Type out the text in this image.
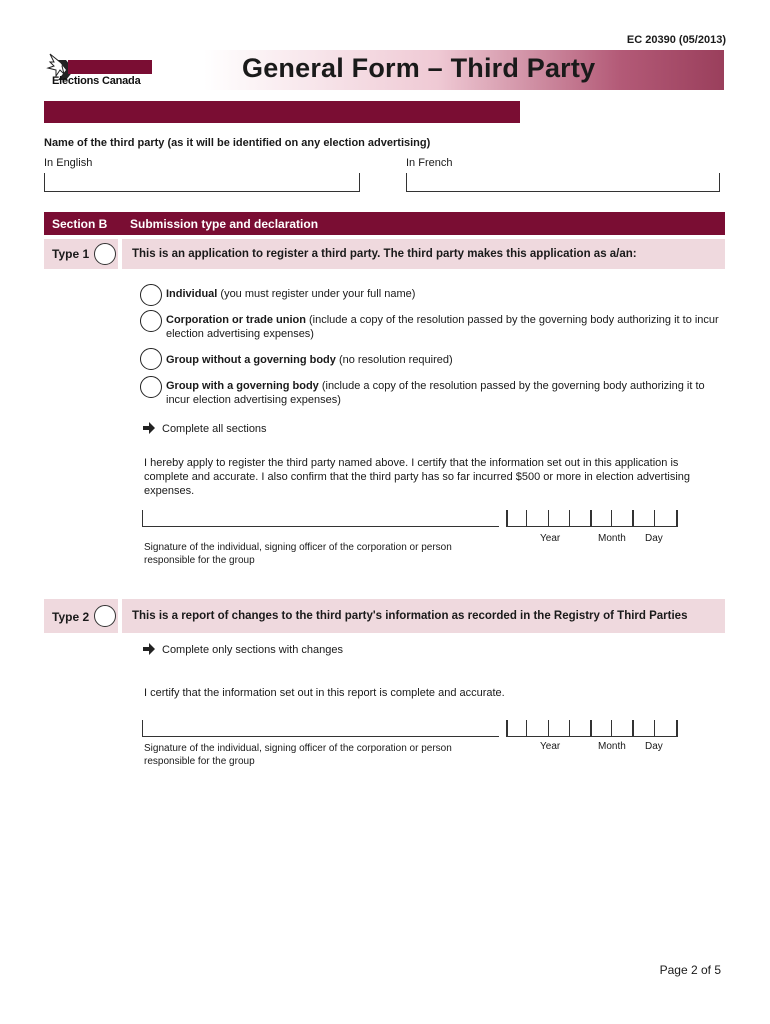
EC 20390 (05/2013)
Elections Canada	General Form – Third Party
Name of the third party (as it will be identified on any election advertising)
In English	In French
Section B Submission type and declaration
Type 1	This is an application to register a third party. The third party makes this application as a/an:
Individual (you must register under your full name)
Corporation or trade union (include a copy of the resolution passed by the governing body authorizing it to incur election advertising expenses)
Group without a governing body (no resolution required)
Group with a governing body (include a copy of the resolution passed by the governing body authorizing it to incur election advertising expenses)
Complete all sections
I hereby apply to register the third party named above. I certify that the information set out in this application is complete and accurate. I also confirm that the third party has so far incurred $500 or more in election advertising expenses.
Year	Month Day
Signature of the individual, signing officer of the corporation or person responsible for the group
Type 2	This is a report of changes to the third party's information as recorded in the Registry of Third Parties
Complete only sections with changes
I certify that the information set out in this report is complete and accurate.
Year	Month Day
Signature of the individual, signing officer of the corporation or person responsible for the group
Page 2 of 5
